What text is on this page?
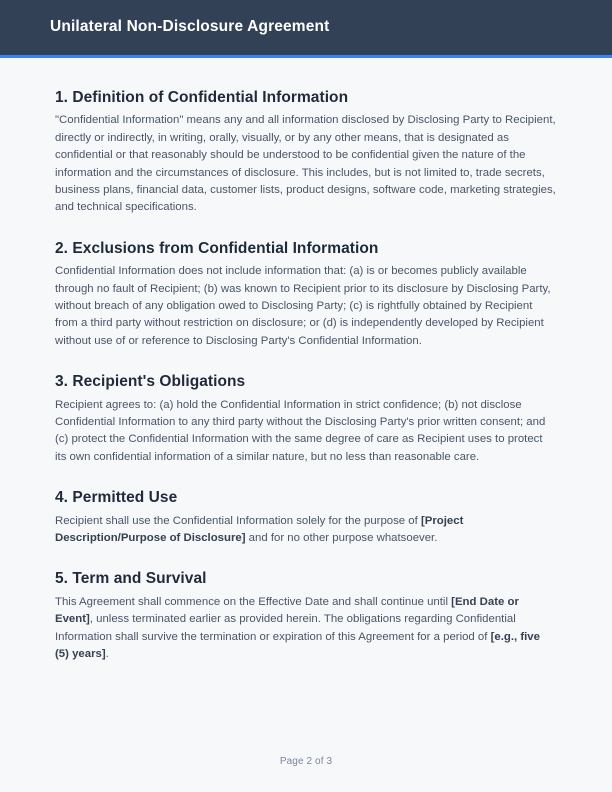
Unilateral Non-Disclosure Agreement
1. Definition of Confidential Information

"Confidential Information" means any and all information disclosed by Disclosing Party to Recipient, directly or indirectly, in writing, orally, visually, or by any other means, that is designated as confidential or that reasonably should be understood to be confidential given the nature of the information and the circumstances of disclosure. This includes, but is not limited to, trade secrets, business plans, financial data, customer lists, product designs, software code, marketing strategies, and technical specifications.

2. Exclusions from Confidential Information

Confidential Information does not include information that: (a) is or becomes publicly available through no fault of Recipient; (b) was known to Recipient prior to its disclosure by Disclosing Party, without breach of any obligation owed to Disclosing Party; (c) is rightfully obtained by Recipient from a third party without restriction on disclosure; or (d) is independently developed by Recipient without use of or reference to Disclosing Party's Confidential Information.

3. Recipient's Obligations

Recipient agrees to: (a) hold the Confidential Information in strict confidence; (b) not disclose Confidential Information to any third party without the Disclosing Party's prior written consent; and (c) protect the Confidential Information with the same degree of care as Recipient uses to protect its own confidential information of a similar nature, but no less than reasonable care.

4. Permitted Use

Recipient shall use the Confidential Information solely for the purpose of [Project Description/Purpose of Disclosure] and for no other purpose whatsoever.

5. Term and Survival

This Agreement shall commence on the Effective Date and shall continue until [End Date or Event], unless terminated earlier as provided herein. The obligations regarding Confidential Information shall survive the termination or expiration of this Agreement for a period of [e.g., five (5) years].

Page 2 of 3
